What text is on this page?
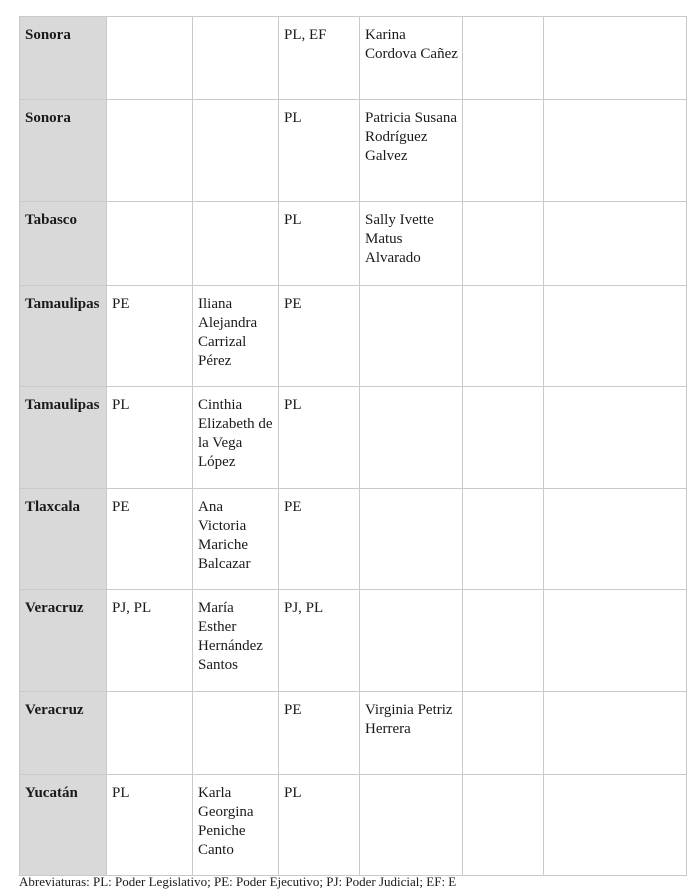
Sonora			PL, EF	Karina Cordova Cañez		
Sonora			PL	Patricia Susana Rodríguez Galvez		
Tabasco			PL	Sally Ivette Matus Alvarado		
Tamaulipas	PE	Iliana Alejandra Carrizal Pérez	PE			
Tamaulipas	PL	Cinthia Elizabeth de la Vega López	PL			
Tlaxcala	PE	Ana Victoria Mariche Balcazar	PE			
Veracruz	PJ, PL	María Esther Hernández Santos	PJ, PL			
Veracruz			PE	Virginia Petriz Herrera		
Yucatán	PL	Karla Georgina Peniche Canto	PL			
Abreviaturas: PL: Poder Legislativo; PE: Poder Ejecutivo; PJ: Poder Judicial; EF: E
